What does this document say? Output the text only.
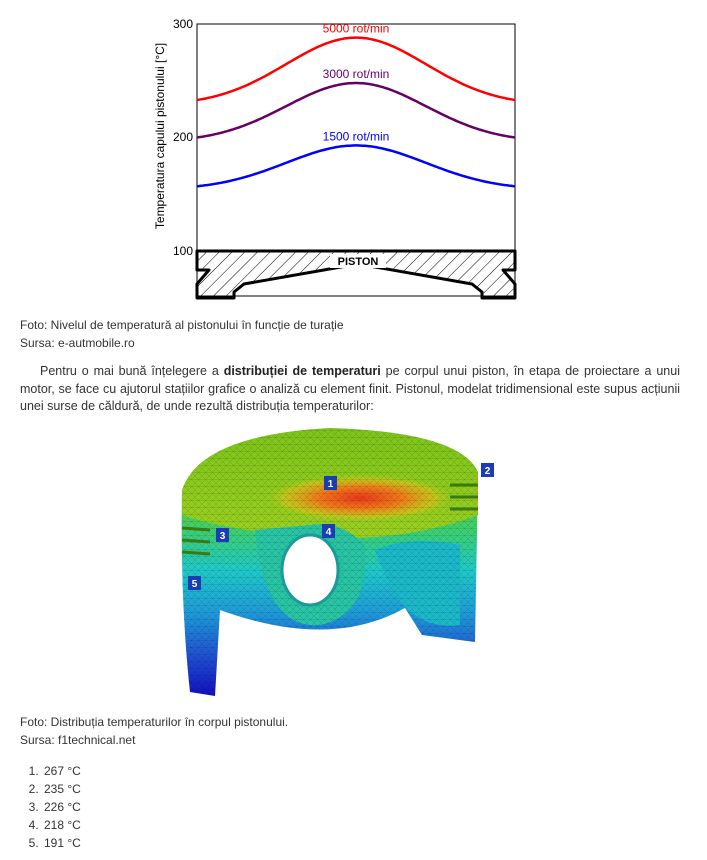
300
200
100
Temperatura capului pistonului [°C]
5000 rot/min
3000 rot/min
1500 rot/min
PISTON
Foto: Nivelul de temperatură al pistonului în funcție de turație
Sursa: e-autmobile.ro
Pentru o mai bună înțelegere a distribuției de temperaturi pe corpul unui piston, în etapa de proiectare a unui motor, se face cu ajutorul stațiilor grafice o analiză cu element finit. Pistonul, modelat tridimensional este supus acțiunii unei surse de căldură, de unde rezultă distribuția temperaturilor:
1
2
3	4
5
Foto: Distribuția temperaturilor în corpul pistonului.
Sursa: f1technical.net
1. 267 °C
2. 235 °C
3. 226 °C
4. 218 °C
5. 191 °C
